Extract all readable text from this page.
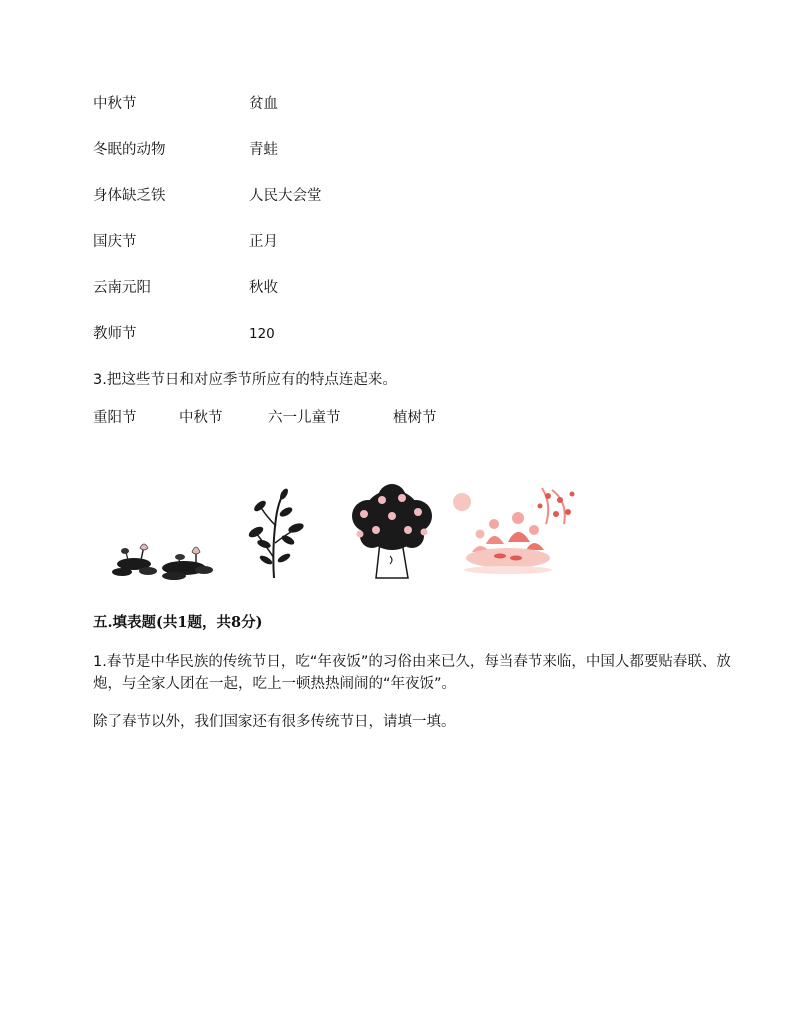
中秋节	贫血
冬眠的动物	青蛙
身体缺乏铁	人民大会堂
国庆节	正月
云南元阳	秋收
教师节	120
3.把这些节日和对应季节所应有的特点连起来。
重阳节	中秋节	六一儿童节	植树节
五.填表题(共1题，共8分)
1.春节是中华民族的传统节日，吃“年夜饭”的习俗由来已久，每当春节来临，中国人都要贴春联、放炮，与全家人团在一起，吃上一顿热热闹闹的“年夜饭”。
除了春节以外，我们国家还有很多传统节日，请填一填。
